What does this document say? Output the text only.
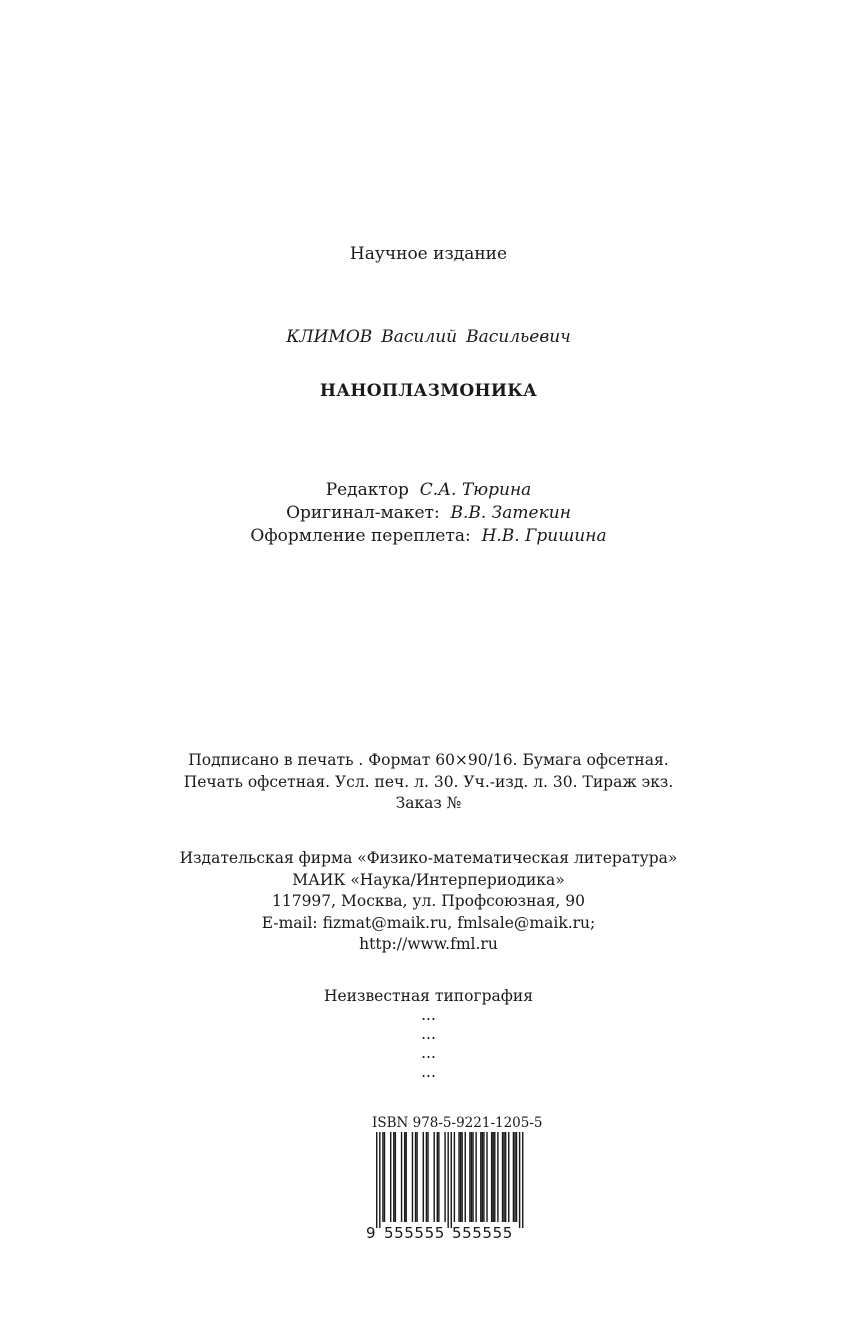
Научное издание
КЛИМОВ Василий Васильевич
НАНОПЛАЗМОНИКА
Редактор С.А. Тюрина
Оригинал-макет: В.В. Затекин
Оформление переплета: Н.В. Гришина
Подписано в печать . Формат 60×90/16. Бумага офсетная.
Печать офсетная. Усл. печ. л. 30. Уч.-изд. л. 30. Тираж экз.
Заказ №
Издательская фирма «Физико-математическая литература»
МАИК «Наука/Интерпериодика»
117997, Москва, ул. Профсоюзная, 90
E-mail: fizmat@maik.ru, fmlsale@maik.ru;
http://www.fml.ru
Неизвестная типография
...
...
...
...
ISBN 978-5-9221-1205-5
9 555555 555555
